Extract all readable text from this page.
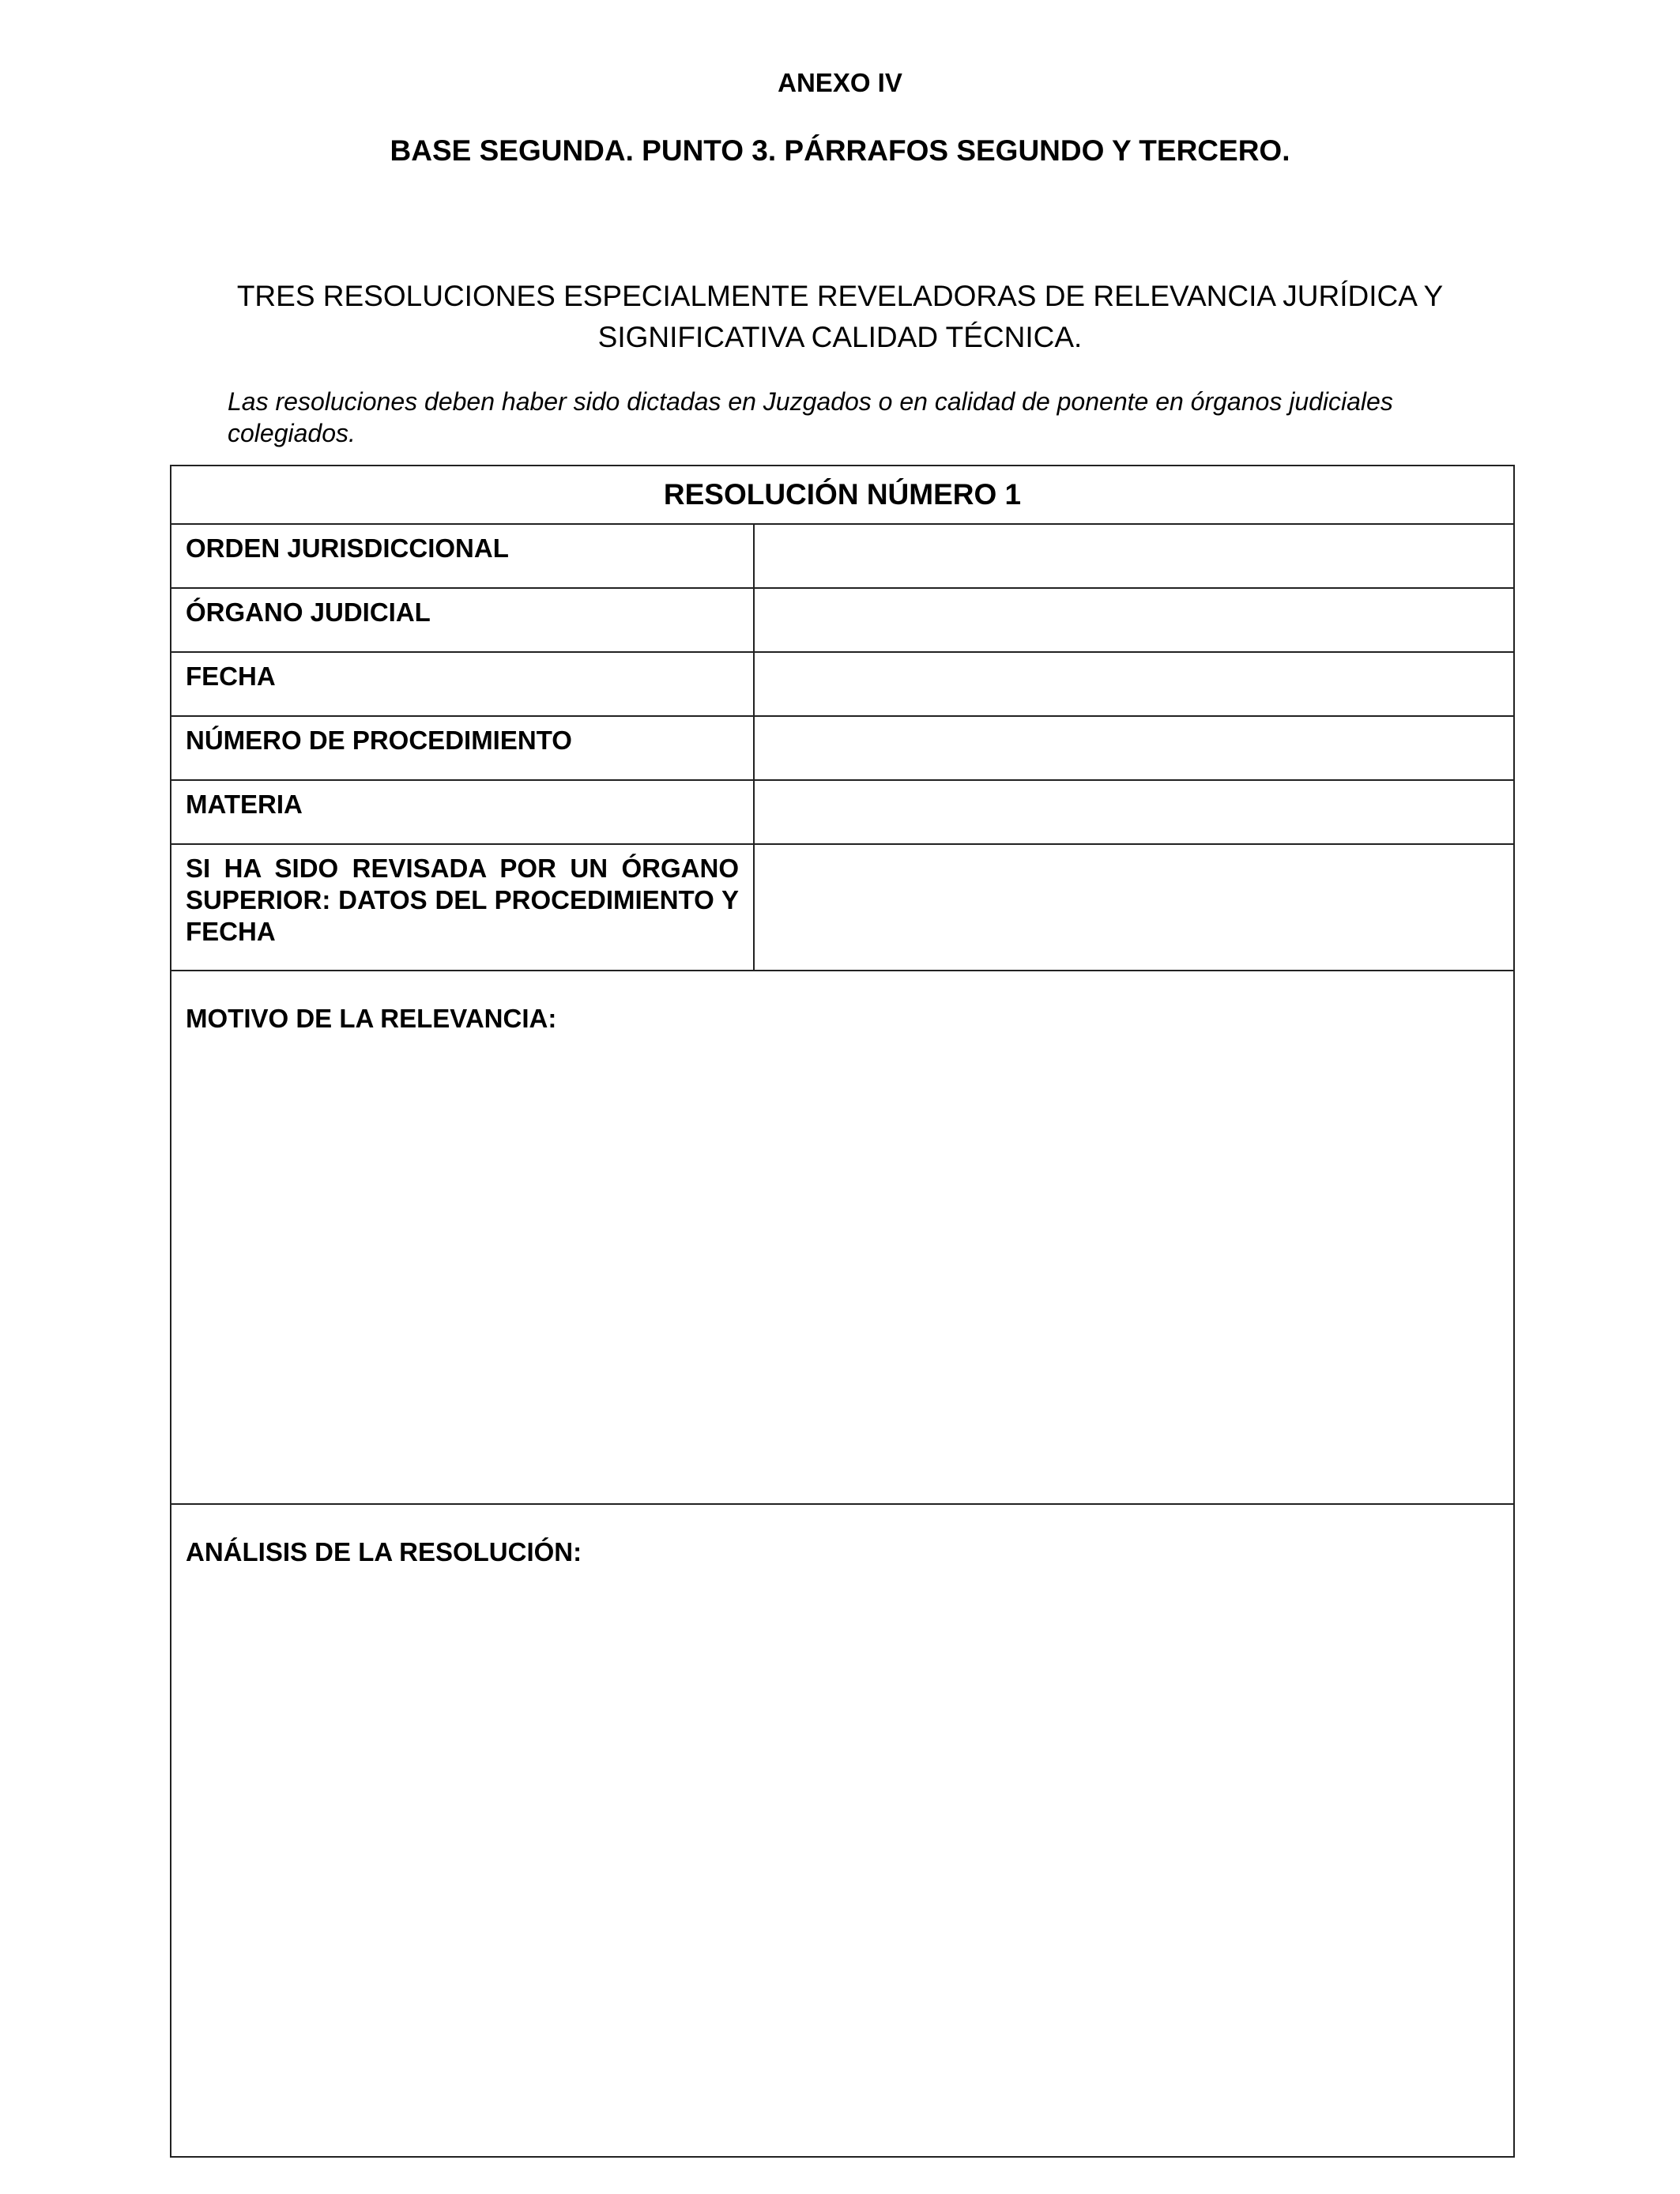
ANEXO IV

BASE SEGUNDA. PUNTO 3. PÁRRAFOS SEGUNDO Y TERCERO.

TRES RESOLUCIONES ESPECIALMENTE REVELADORAS DE RELEVANCIA JURÍDICA Y SIGNIFICATIVA CALIDAD TÉCNICA.

Las resoluciones deben haber sido dictadas en Juzgados o en calidad de ponente en órganos judiciales colegiados.

RESOLUCIÓN NÚMERO 1	

ORDEN JURISDICCIONAL	

ÓRGANO JUDICIAL	

FECHA	

NÚMERO DE PROCEDIMIENTO	

MATERIA	

SI HA SIDO REVISADA POR UN ÓRGANO SUPERIOR: DATOS DEL PROCEDIMIENTO Y FECHA	

MOTIVO DE LA RELEVANCIA:	

ANÁLISIS DE LA RESOLUCIÓN:	
